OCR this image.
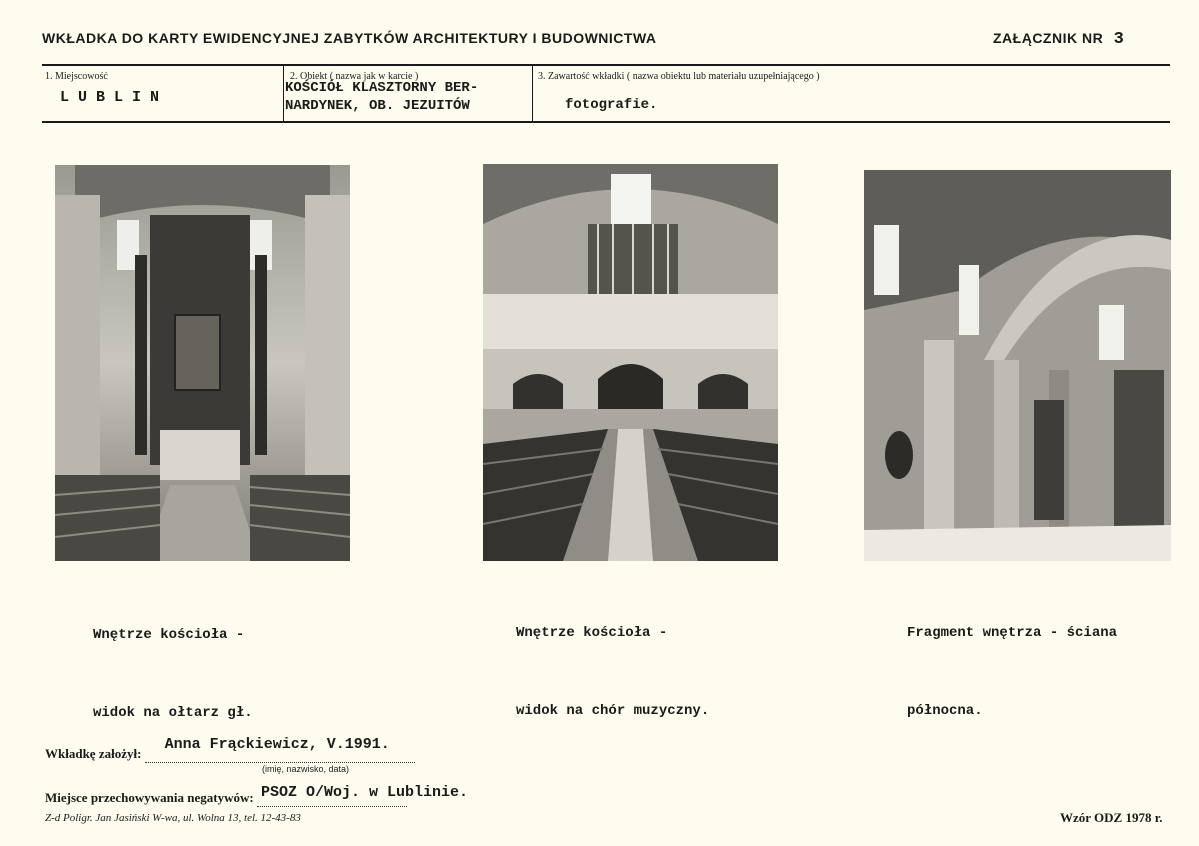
WKŁADKA DO KARTY EWIDENCYJNEJ ZABYTKÓW ARCHITEKTURY I BUDOWNICTWA	ZAŁĄCZNIK NR 3
1. Miejscowość
L U B L I N
2. Obiekt ( nazwa jak w karcie )
KOŚCIÓŁ KLASZTORNY BER-
NARDYNEK, OB. JEZUITÓW
3. Zawartość wkładki ( nazwa obiektu lub materiału uzupełniającego )
fotografie.

Wnętrze kościoła -

widok na ołtarz gł.

Wnętrze kościoła -

widok na chór muzyczny.

Fragment wnętrza - ściana

północna.

Wkładkę założył:
Anna Frąckiewicz, V.1991.

(imię, nazwisko, data)
Miejsce przechowywania negatywów: PSOZ O/Woj. w Lublinie.

Z-d Poligr. Jan Jasiński W-wa, ul. Wolna 13, tel. 12-43-83	Wzór ODZ 1978 r.
